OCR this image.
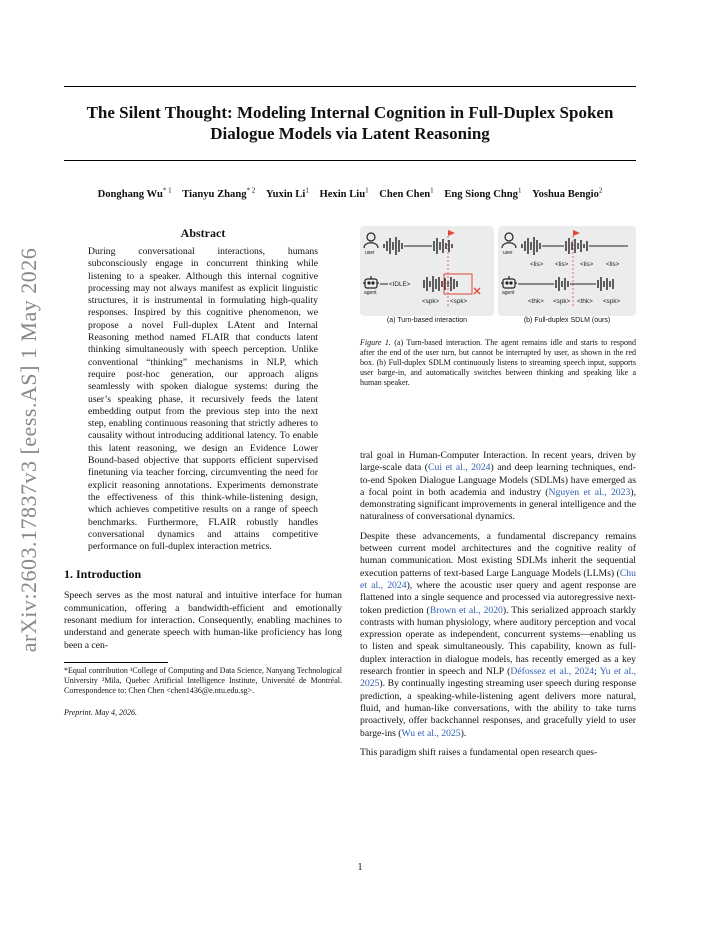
arXiv:2603.17837v3 [eess.AS] 1 May 2026
The Silent Thought: Modeling Internal Cognition in Full-Duplex Spoken
Dialogue Models via Latent Reasoning
Donghang Wu$^{* 1}$ Tianyu Zhang$^{* 2}$ Yuxin Li$^1$ Hexin Liu$^1$ Chen Chen$^1$ Eng Siong Chng$^1$ Yoshua Bengio$^2$
Abstract
During conversational interactions, humans subconsciously engage in concurrent thinking while listening to a speaker. Although this internal cognitive processing may not always manifest as explicit linguistic structures, it is instrumental in formulating high-quality responses. Inspired by this cognitive phenomenon, we propose a novel Full-duplex LAtent and Internal Reasoning method named FLAIR that conducts latent thinking simultaneously with speech perception. Unlike conventional “thinking” mechanisms in NLP, which require post-hoc generation, our approach aligns seamlessly with spoken dialogue systems: during the user’s speaking phase, it recursively feeds the latent embedding output from the previous step into the next step, enabling continuous reasoning that strictly adheres to causality without introducing additional latency. To enable this latent reasoning, we design an Evidence Lower Bound-based objective that supports efficient supervised finetuning via teacher forcing, circumventing the need for explicit reasoning annotations. Experiments demonstrate the effectiveness of this think-while-listening design, which achieves competitive results on a range of speech benchmarks. Furthermore, FLAIR robustly handles conversational dynamics and attains competitive performance on full-duplex interaction metrics.
1. Introduction
Speech serves as the most natural and intuitive interface for human communication, offering a bandwidth-efficient and emotionally resonant medium for interaction. Consequently, enabling machines to understand and generate speech with human-like proficiency has long been a cen-
*Equal contribution ¹College of Computing and Data Science, Nanyang Technological University ²Mila, Quebec Artificial Intelligence Institute, Université de Montréal. Correspondence to: Chen Chen <chen1436@e.ntu.edu.sg>.
Preprint. May 4, 2026.
user
agent
<IDLE>
<spk> <spk>
(a) Turn-based interaction
user
<lis> <lis> <lis> <lis>
agent
<thk> <spk> <thk> <spk>
(b) Full-duplex SDLM (ours)
Figure 1. (a) Turn-based interaction. The agent remains idle and starts to respond after the end of the user turn, but cannot be interrupted by user, as shown in the red box. (b) Full-duplex SDLM continuously listens to streaming speech input, supports user barge-in, and automatically switches between thinking and speaking like a human speaker.
tral goal in Human-Computer Interaction. In recent years, driven by large-scale data (Cui et al., 2024) and deep learning techniques, end-to-end Spoken Dialogue Language Models (SDLMs) have emerged as a focal point in both academia and industry (Nguyen et al., 2023), demonstrating significant improvements in general intelligence and the naturalness of conversational dynamics.
Despite these advancements, a fundamental discrepancy remains between current model architectures and the cognitive reality of human communication. Most existing SDLMs inherit the sequential execution patterns of text-based Large Language Models (LLMs) (Chu et al., 2024), where the acoustic user query and agent response are flattened into a single sequence and processed via autoregressive next-token prediction (Brown et al., 2020). This serialized approach starkly contrasts with human physiology, where auditory perception and vocal expression operate as independent, concurrent systems—enabling us to listen and speak simultaneously. This capability, known as full-duplex interaction in dialogue models, has recently emerged as a key research frontier in speech and NLP (Défossez et al., 2024; Yu et al., 2025). By continually ingesting streaming user speech during response prediction, a speaking-while-listening agent delivers more natural, fluid, and human-like conversations, with the ability to take turns proactively, offer backchannel responses, and gracefully yield to user barge-ins (Wu et al., 2025).
This paradigm shift raises a fundamental open research ques-
1
